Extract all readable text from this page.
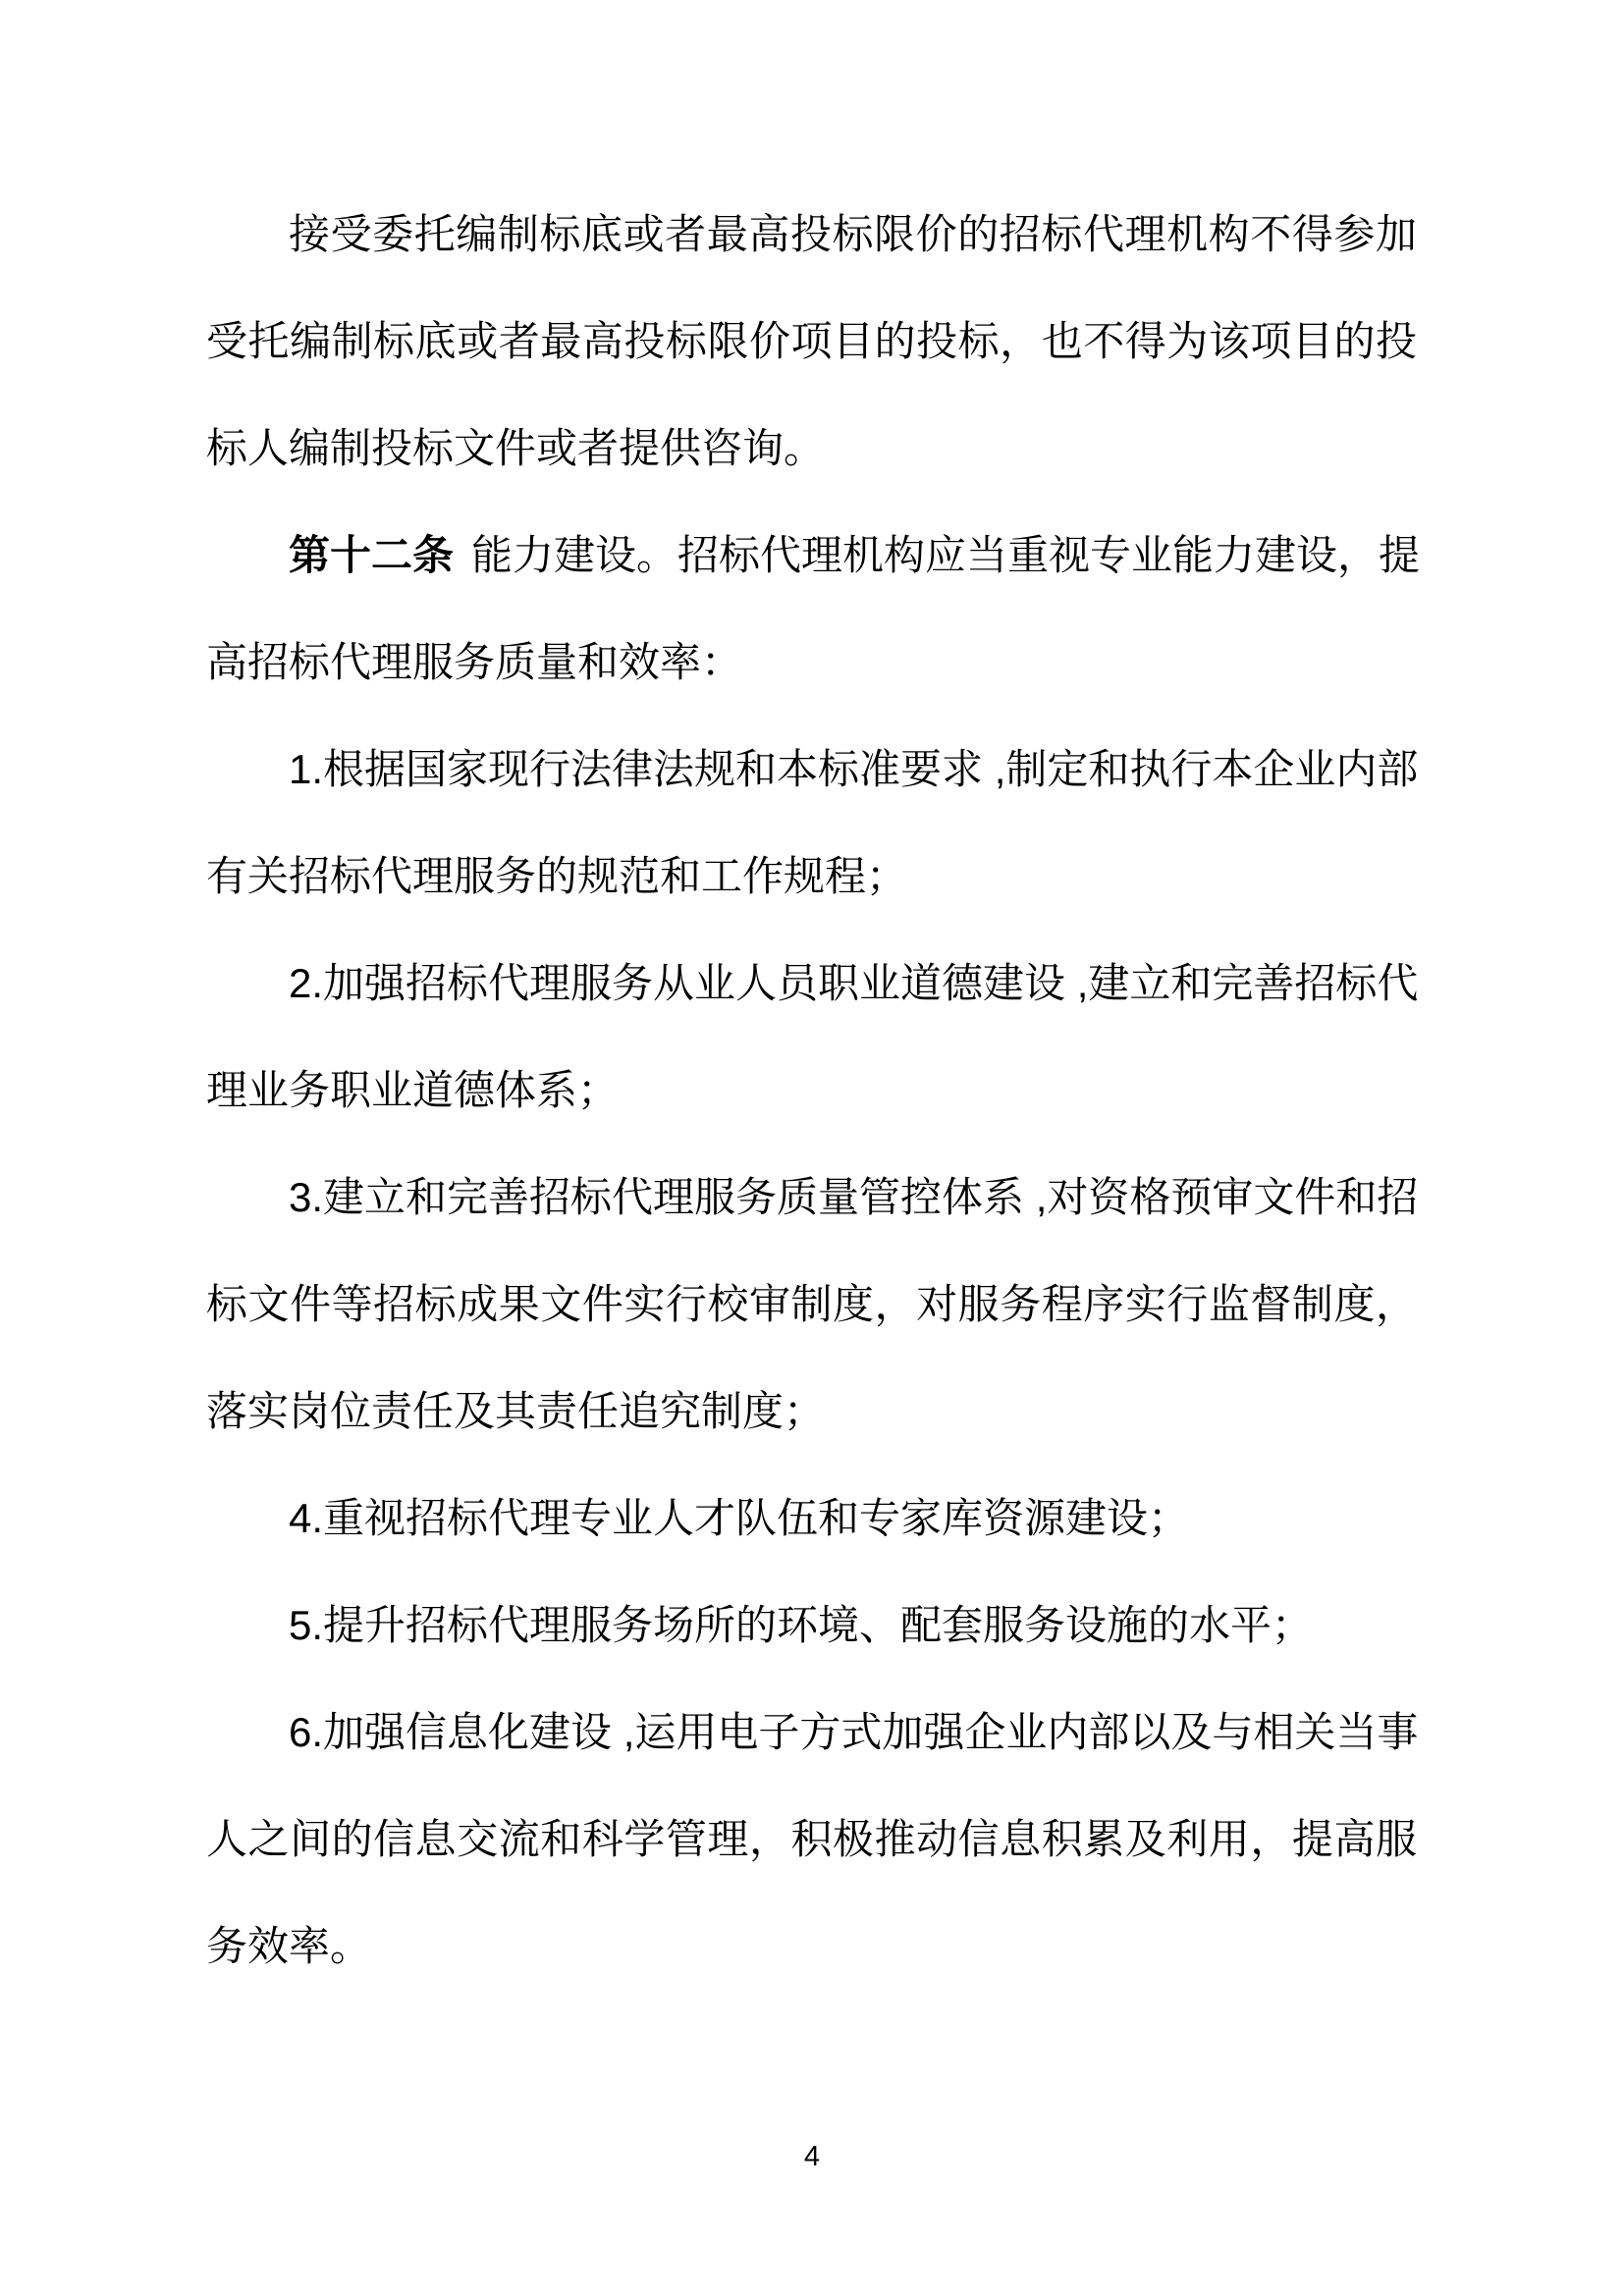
接受委托编制标底或者最高投标限价的招标代理机构不得参加
受托编制标底或者最高投标限价项目的投标，也不得为该项目的投
标人编制投标文件或者提供咨询。
第十二条 能力建设。招标代理机构应当重视专业能力建设，提
高招标代理服务质量和效率：
1.根据国家现行法律法规和本标准要求 ,制定和执行本企业内部
有关招标代理服务的规范和工作规程；
2.加强招标代理服务从业人员职业道德建设 ,建立和完善招标代
理业务职业道德体系；
3.建立和完善招标代理服务质量管控体系 ,对资格预审文件和招
标文件等招标成果文件实行校审制度，对服务程序实行监督制度，
落实岗位责任及其责任追究制度；
4.重视招标代理专业人才队伍和专家库资源建设；
5.提升招标代理服务场所的环境、配套服务设施的水平；
6.加强信息化建设 ,运用电子方式加强企业内部以及与相关当事
人之间的信息交流和科学管理，积极推动信息积累及利用，提高服
务效率。
4
